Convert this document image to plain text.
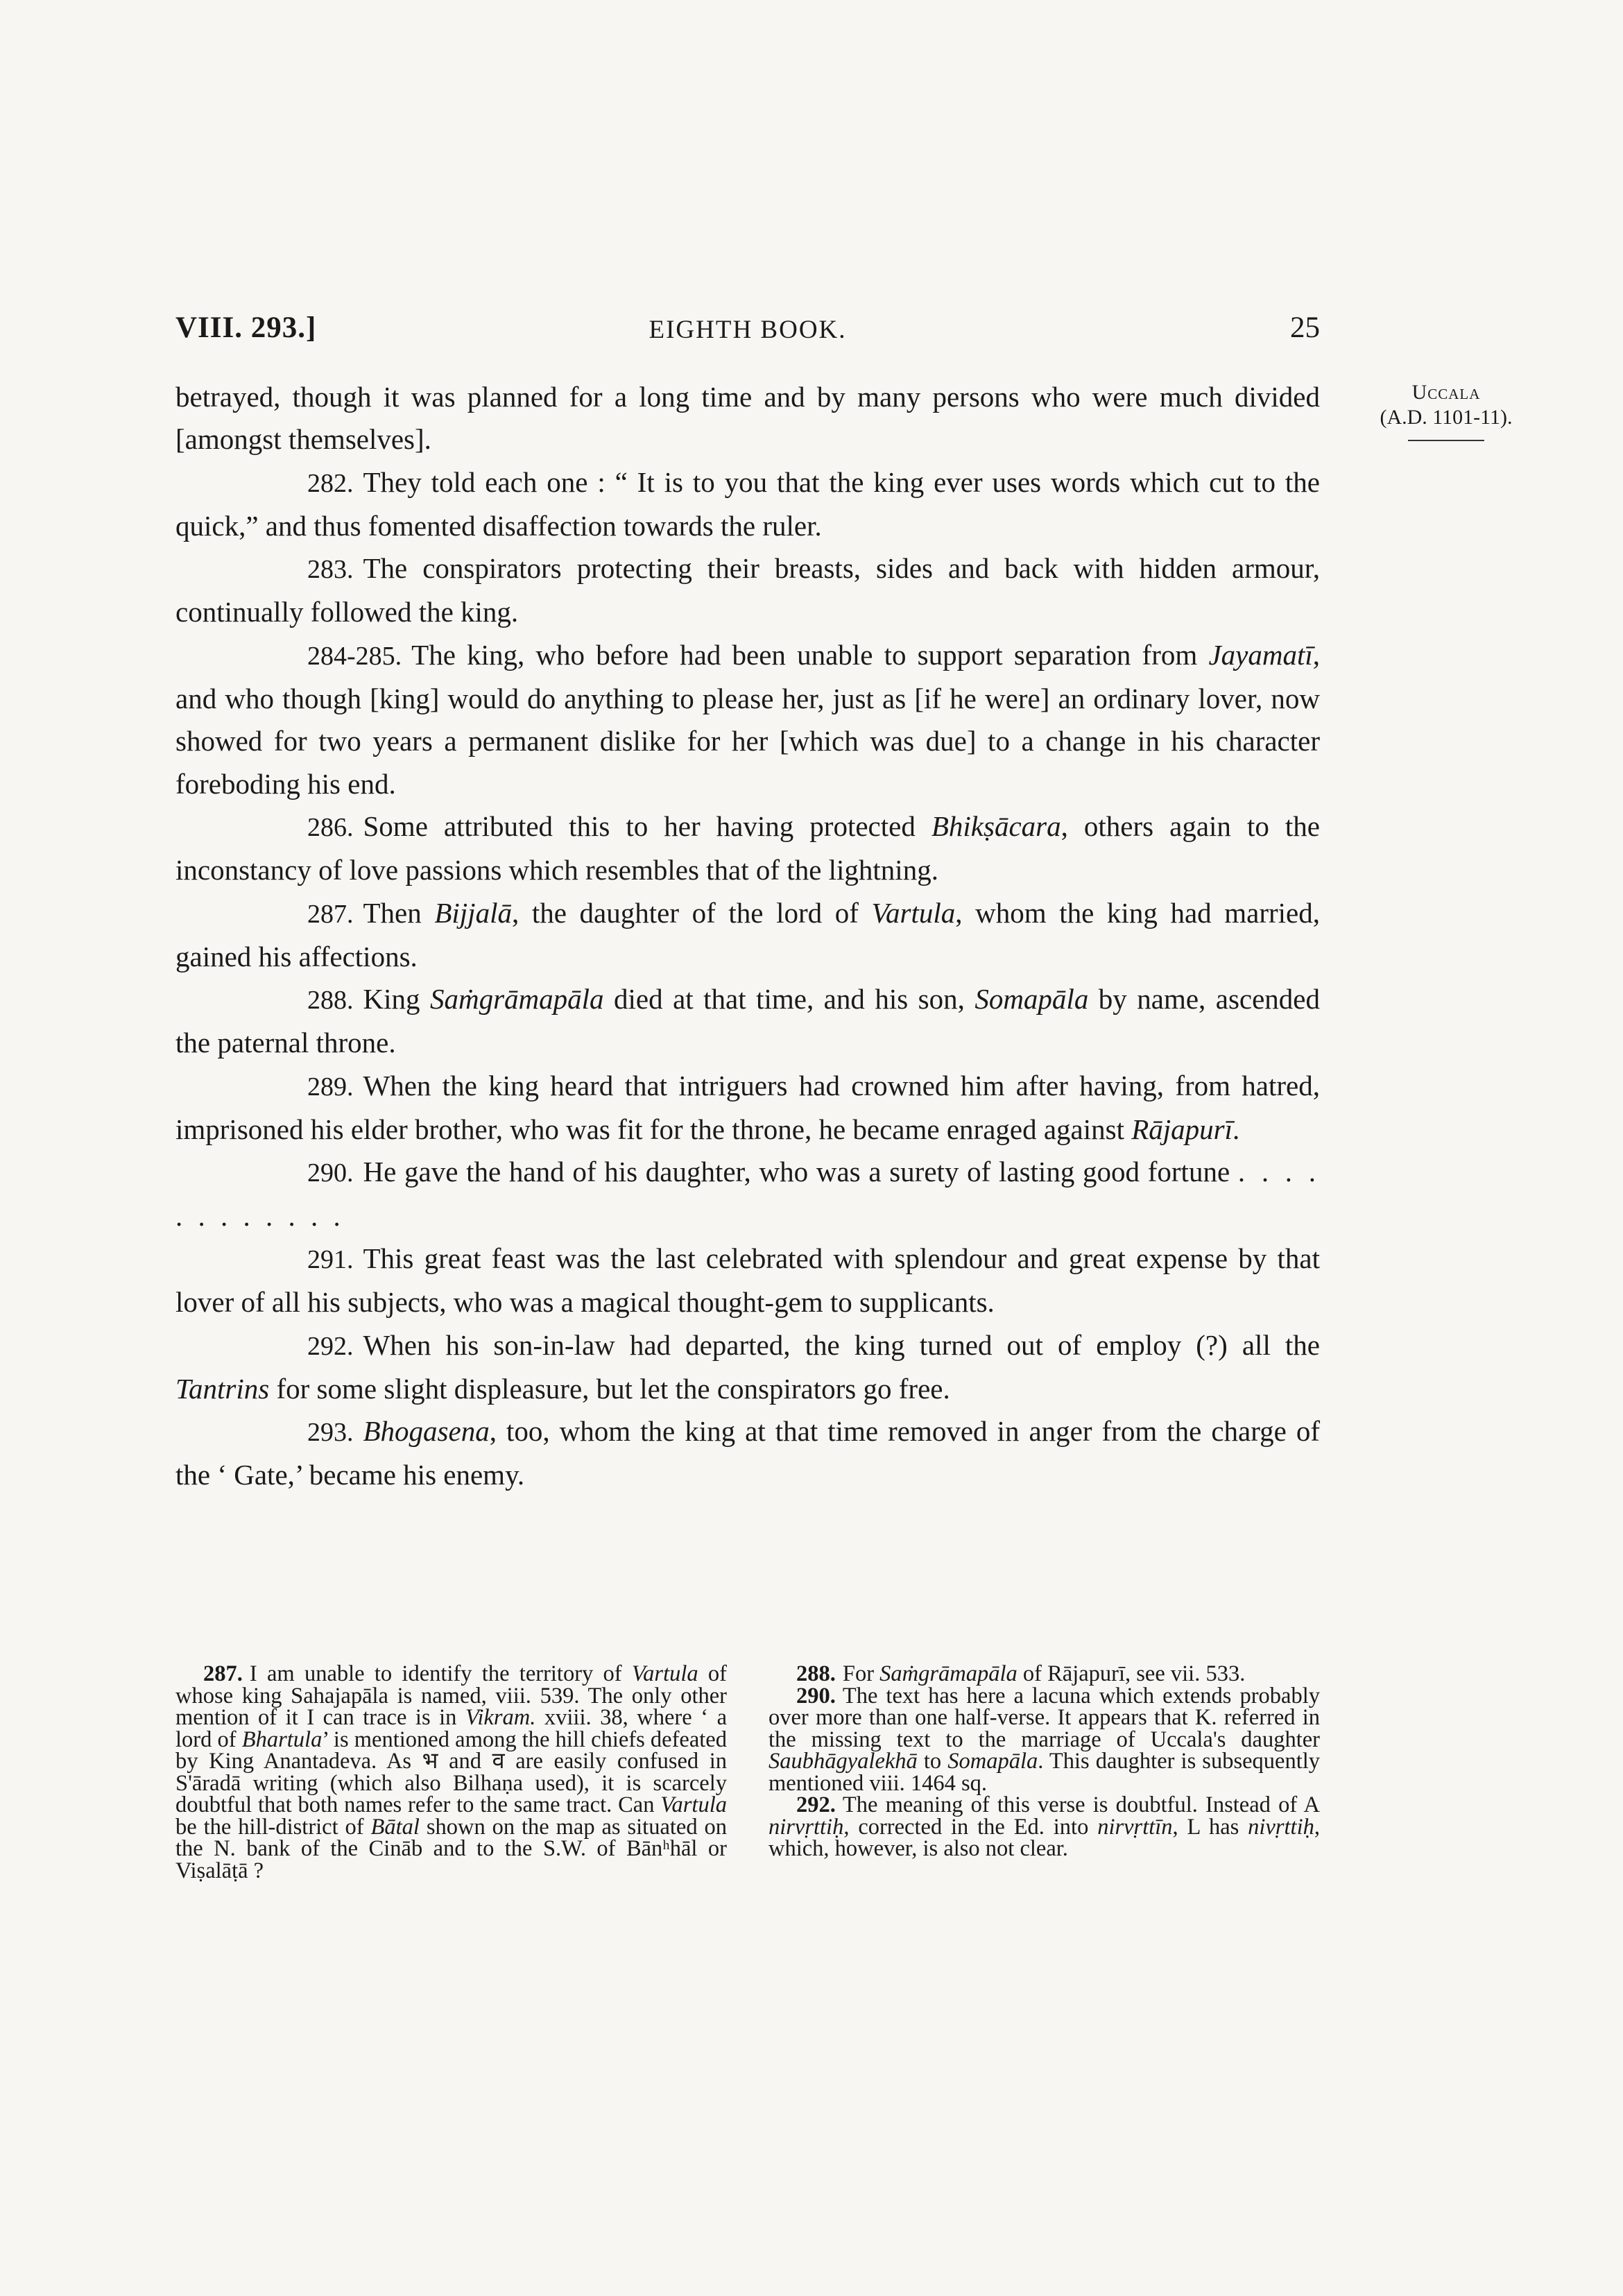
VIII. 293.]	EIGHTH BOOK.	25
Uccala
(A.D. 1101-11).

betrayed, though it was planned for a long time and by many persons who were much divided [amongst themselves].

282. They told each one : “ It is to you that the king ever uses words which cut to the quick,” and thus fomented disaffection towards the ruler.

283. The conspirators protecting their breasts, sides and back with hidden armour, continually followed the king.

284-285. The king, who before had been unable to support separation from Jayamatī, and who though [king] would do anything to please her, just as [if he were] an ordinary lover, now showed for two years a permanent dislike for her [which was due] to a change in his character foreboding his end.

286. Some attributed this to her having protected Bhikṣācara, others again to the inconstancy of love passions which resembles that of the lightning.

287. Then Bijjalā, the daughter of the lord of Vartula, whom the king had married, gained his affections.

288. King Saṁgrāmapāla died at that time, and his son, Somapāla by name, ascended the paternal throne.

289. When the king heard that intriguers had crowned him after having, from hatred, imprisoned his elder brother, who was fit for the throne, he became enraged against Rājapurī.

290. He gave the hand of his daughter, who was a surety of lasting good fortune . . . . . . . . . . . .

291. This great feast was the last celebrated with splendour and great expense by that lover of all his subjects, who was a magical thought-gem to supplicants.

292. When his son-in-law had departed, the king turned out of employ (?) all the Tantrins for some slight displeasure, but let the conspirators go free.

293. Bhogasena, too, whom the king at that time removed in anger from the charge of the ‘ Gate,’ became his enemy.

287. I am unable to identify the territory of Vartula of whose king Sahajapāla is named, viii. 539. The only other mention of it I can trace is in Vikram. xviii. 38, where ‘ a lord of Bhartula’ is mentioned among the hill chiefs defeated by King Anantadeva. As भ and व are easily confused in S'āradā writing (which also Bilhaṇa used), it is scarcely doubtful that both names refer to the same tract. Can Vartula be the hill-district of Bātal shown on the map as situated on the N. bank of the Cināb and to the S.W. of Bānʰhāl or Viṣalāṭā ?

288. For Saṁgrāmapāla of Rājapurī, see vii. 533.

290. The text has here a lacuna which extends probably over more than one half-verse. It appears that K. referred in the missing text to the marriage of Uccala's daughter Saubhāgyalekhā to Somapāla. This daughter is subsequently mentioned viii. 1464 sq.

292. The meaning of this verse is doubtful. Instead of A nirvṛttiḥ, corrected in the Ed. into nirvṛttīn, L has nivṛttiḥ, which, however, is also not clear.
